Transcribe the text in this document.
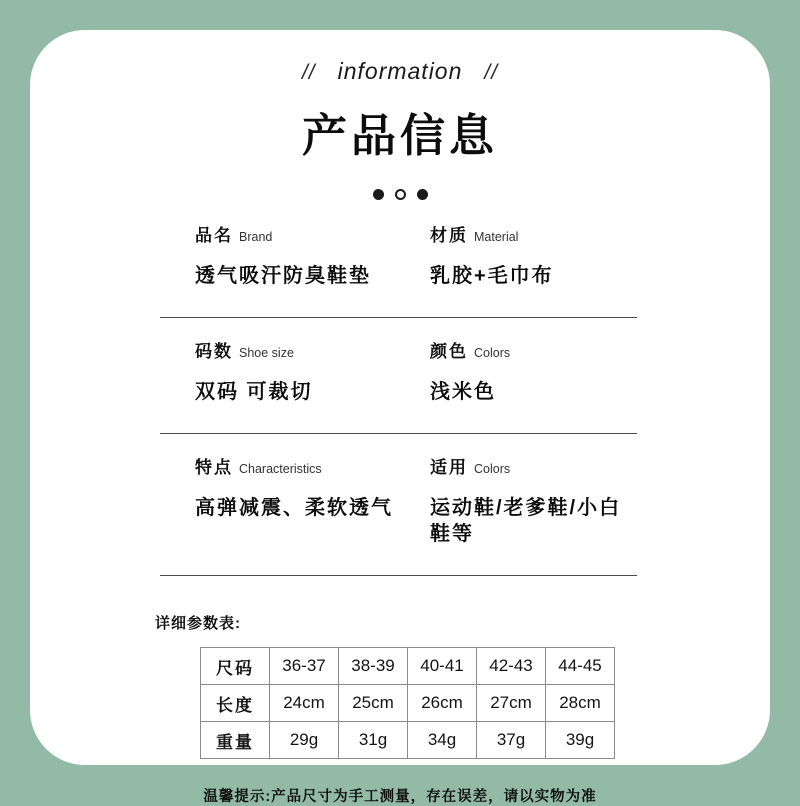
// information //
产品信息
品名 Brand
透气吸汗防臭鞋垫
材质 Material
乳胶+毛巾布
码数 Shoe size
双码 可裁切
颜色 Colors
浅米色
特点 Characteristics
高弹减震、柔软透气
适用 Colors
运动鞋/老爹鞋/小白鞋等
详细参数表:
尺码	36-37	38-39	40-41	42-43	44-45
长度	24cm	25cm	26cm	27cm	28cm
重量	29g	31g	34g	37g	39g
温馨提示:产品尺寸为手工测量，存在误差，请以实物为准
